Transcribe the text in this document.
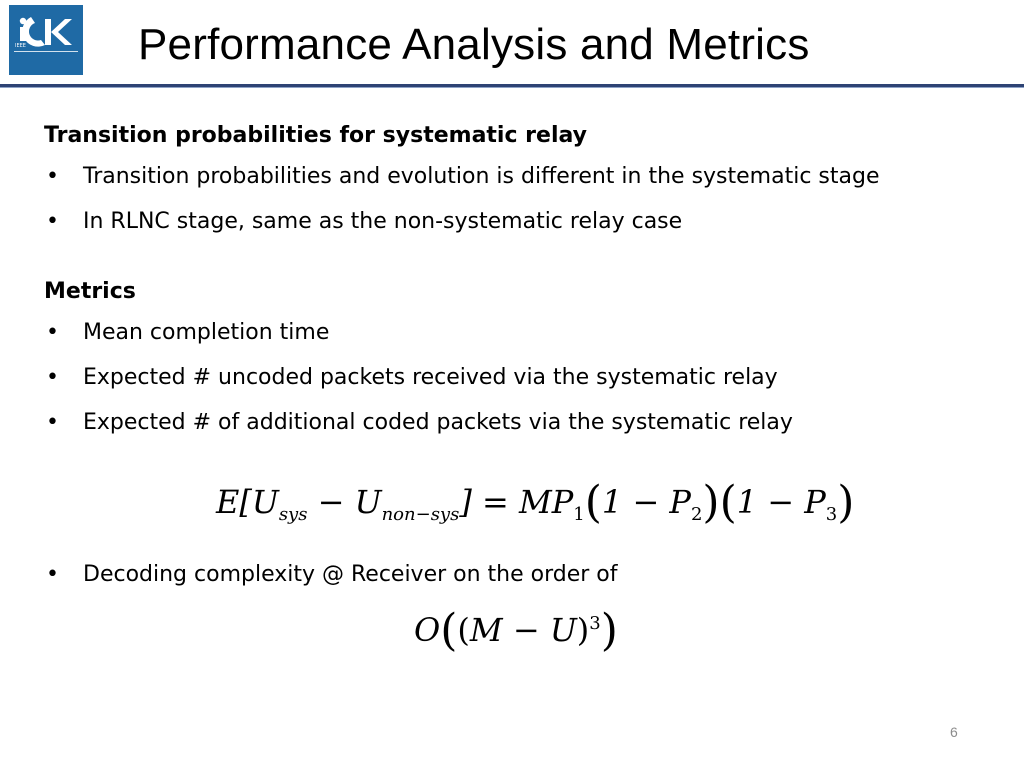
IEEE	Performance Analysis and Metrics
Transition probabilities for systematic relay
• Transition probabilities and evolution is different in the systematic stage
• In RLNC stage, same as the non-systematic relay case
Metrics
• Mean completion time
• Expected # uncoded packets received via the systematic relay
• Expected # of additional coded packets via the systematic relay
$E[U_{sys} - U_{non-sys}] = MP_1(1 - P_2)(1 - P_3)$
• Decoding complexity @ Receiver on the order of
$O((M - U)^3)$
6
